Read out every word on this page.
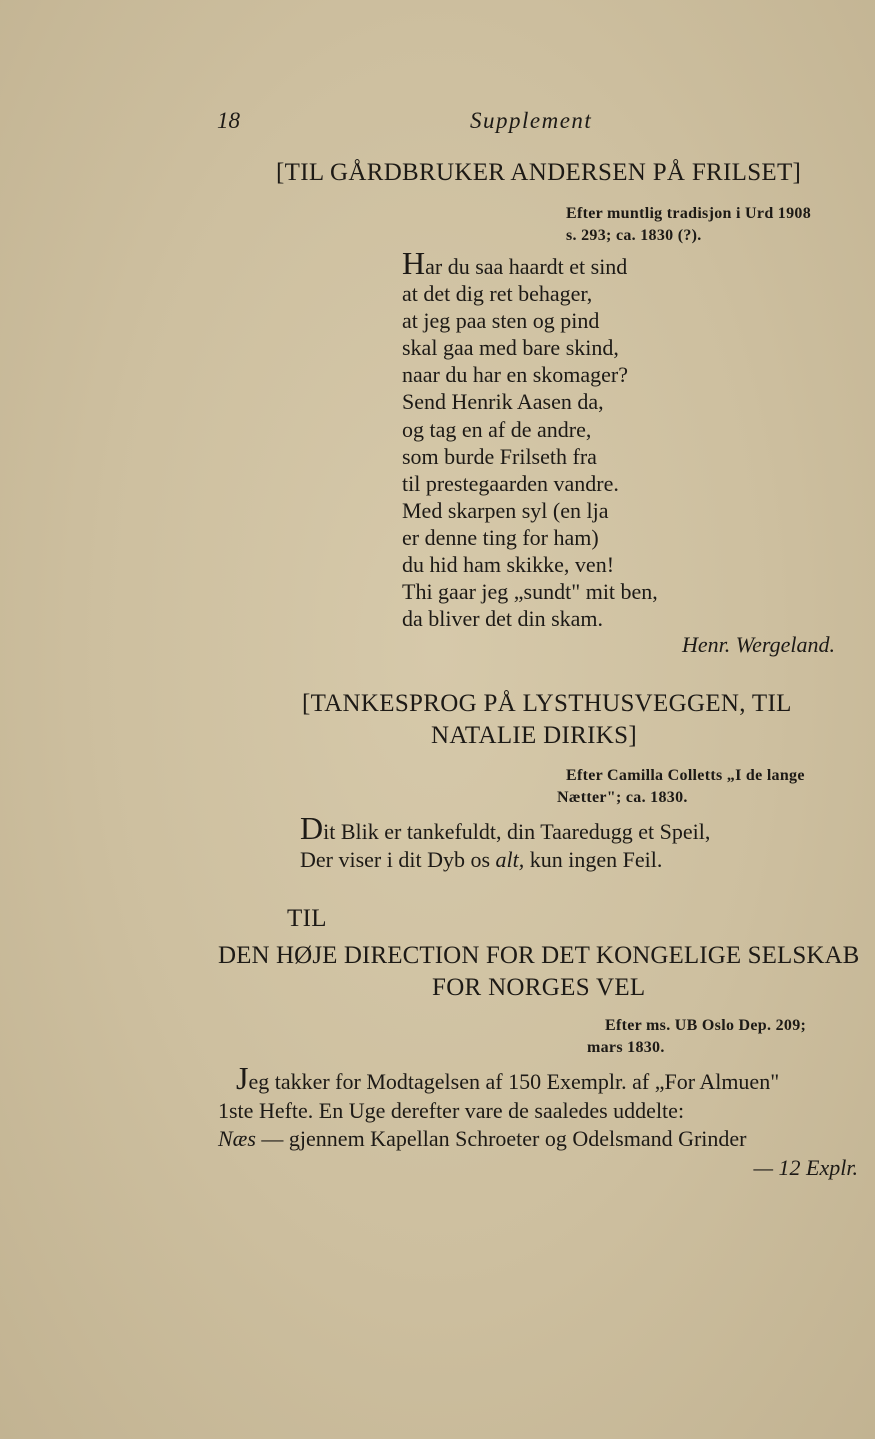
18	Supplement
[TIL GÅRDBRUKER ANDERSEN PÅ FRILSET]
Efter muntlig tradisjon i Urd 1908
s. 293; ca. 1830 (?).
Har du saa haardt et sind
at det dig ret behager,
at jeg paa sten og pind
skal gaa med bare skind,
naar du har en skomager?
Send Henrik Aasen da,
og tag en af de andre,
som burde Frilseth fra
til prestegaarden vandre.
Med skarpen syl (en lja
er denne ting for ham)
du hid ham skikke, ven!
Thi gaar jeg „sundt" mit ben,
da bliver det din skam.
Henr. Wergeland.
[TANKESPROG PÅ LYSTHUSVEGGEN, TIL
NATALIE DIRIKS]
Efter Camilla Colletts „I de lange
Nætter"; ca. 1830.
Dit Blik er tankefuldt, din Taaredugg et Speil,
Der viser i dit Dyb os alt, kun ingen Feil.
TIL
DEN HØJE DIRECTION FOR DET KONGELIGE SELSKAB
FOR NORGES VEL
Efter ms. UB Oslo Dep. 209;
mars 1830.
Jeg takker for Modtagelsen af 150 Exemplr. af „For Almuen"
1ste Hefte. En Uge derefter vare de saaledes uddelte:
Næs — gjennem Kapellan Schroeter og Odelsmand Grinder
— 12 Explr.
